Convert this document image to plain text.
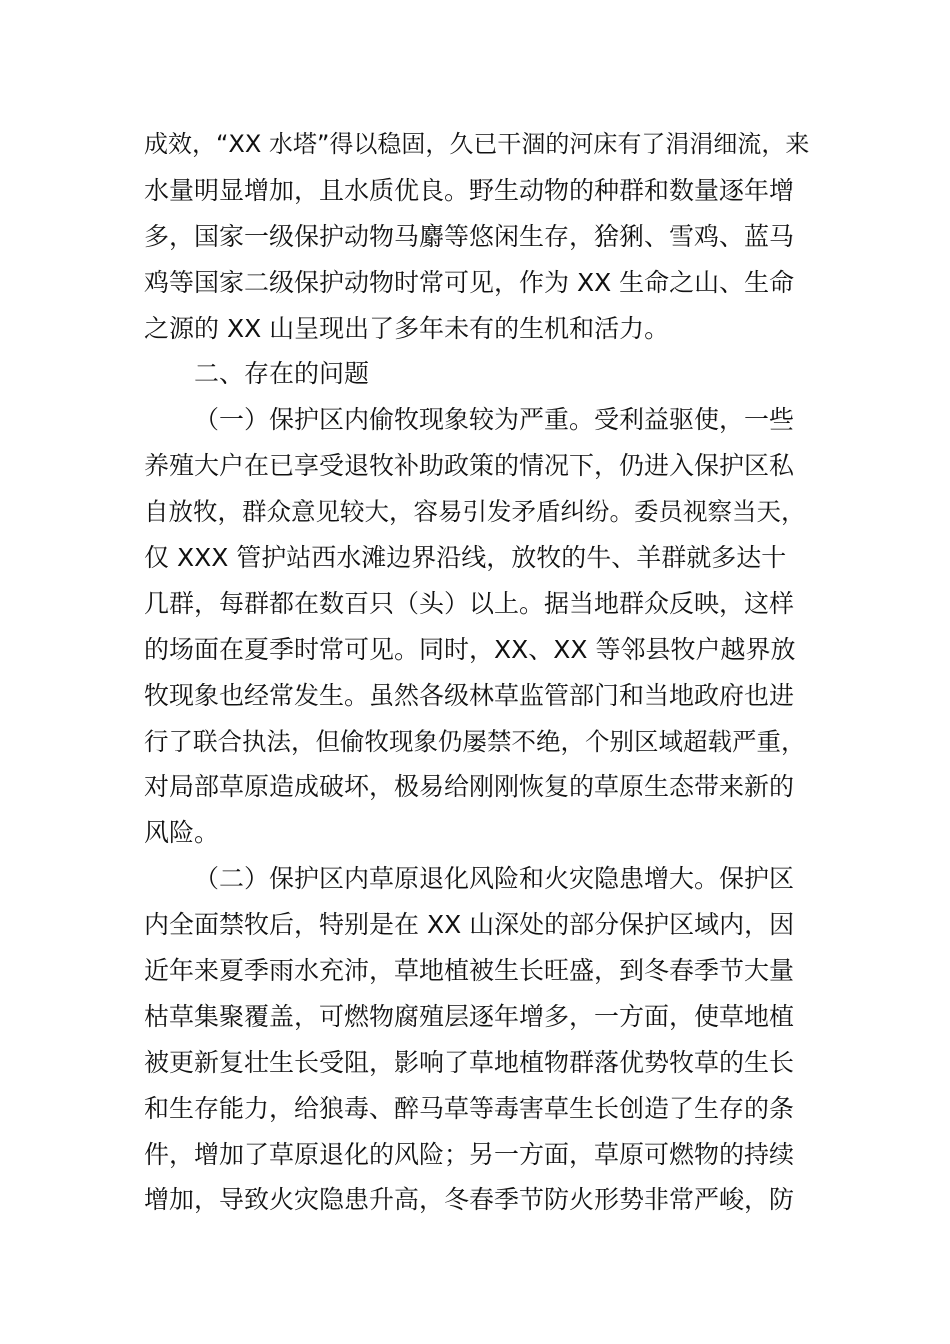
成效，“XX 水塔”得以稳固，久已干涸的河床有了涓涓细流，来
水量明显增加，且水质优良。野生动物的种群和数量逐年增
多，国家一级保护动物马麝等悠闲生存，猞猁、雪鸡、蓝马
鸡等国家二级保护动物时常可见，作为 XX 生命之山、生命
之源的 XX 山呈现出了多年未有的生机和活力。
二、存在的问题
（一）保护区内偷牧现象较为严重。受利益驱使，一些
养殖大户在已享受退牧补助政策的情况下，仍进入保护区私
自放牧，群众意见较大，容易引发矛盾纠纷。委员视察当天，
仅 XXX 管护站西水滩边界沿线，放牧的牛、羊群就多达十
几群，每群都在数百只（头）以上。据当地群众反映，这样
的场面在夏季时常可见。同时，XX、XX 等邻县牧户越界放
牧现象也经常发生。虽然各级林草监管部门和当地政府也进
行了联合执法，但偷牧现象仍屡禁不绝，个别区域超载严重，
对局部草原造成破坏，极易给刚刚恢复的草原生态带来新的
风险。
（二）保护区内草原退化风险和火灾隐患增大。保护区
内全面禁牧后，特别是在 XX 山深处的部分保护区域内，因
近年来夏季雨水充沛，草地植被生长旺盛，到冬春季节大量
枯草集聚覆盖，可燃物腐殖层逐年增多，一方面，使草地植
被更新复壮生长受阻，影响了草地植物群落优势牧草的生长
和生存能力，给狼毒、醉马草等毒害草生长创造了生存的条
件，增加了草原退化的风险；另一方面，草原可燃物的持续
增加，导致火灾隐患升高，冬春季节防火形势非常严峻，防
